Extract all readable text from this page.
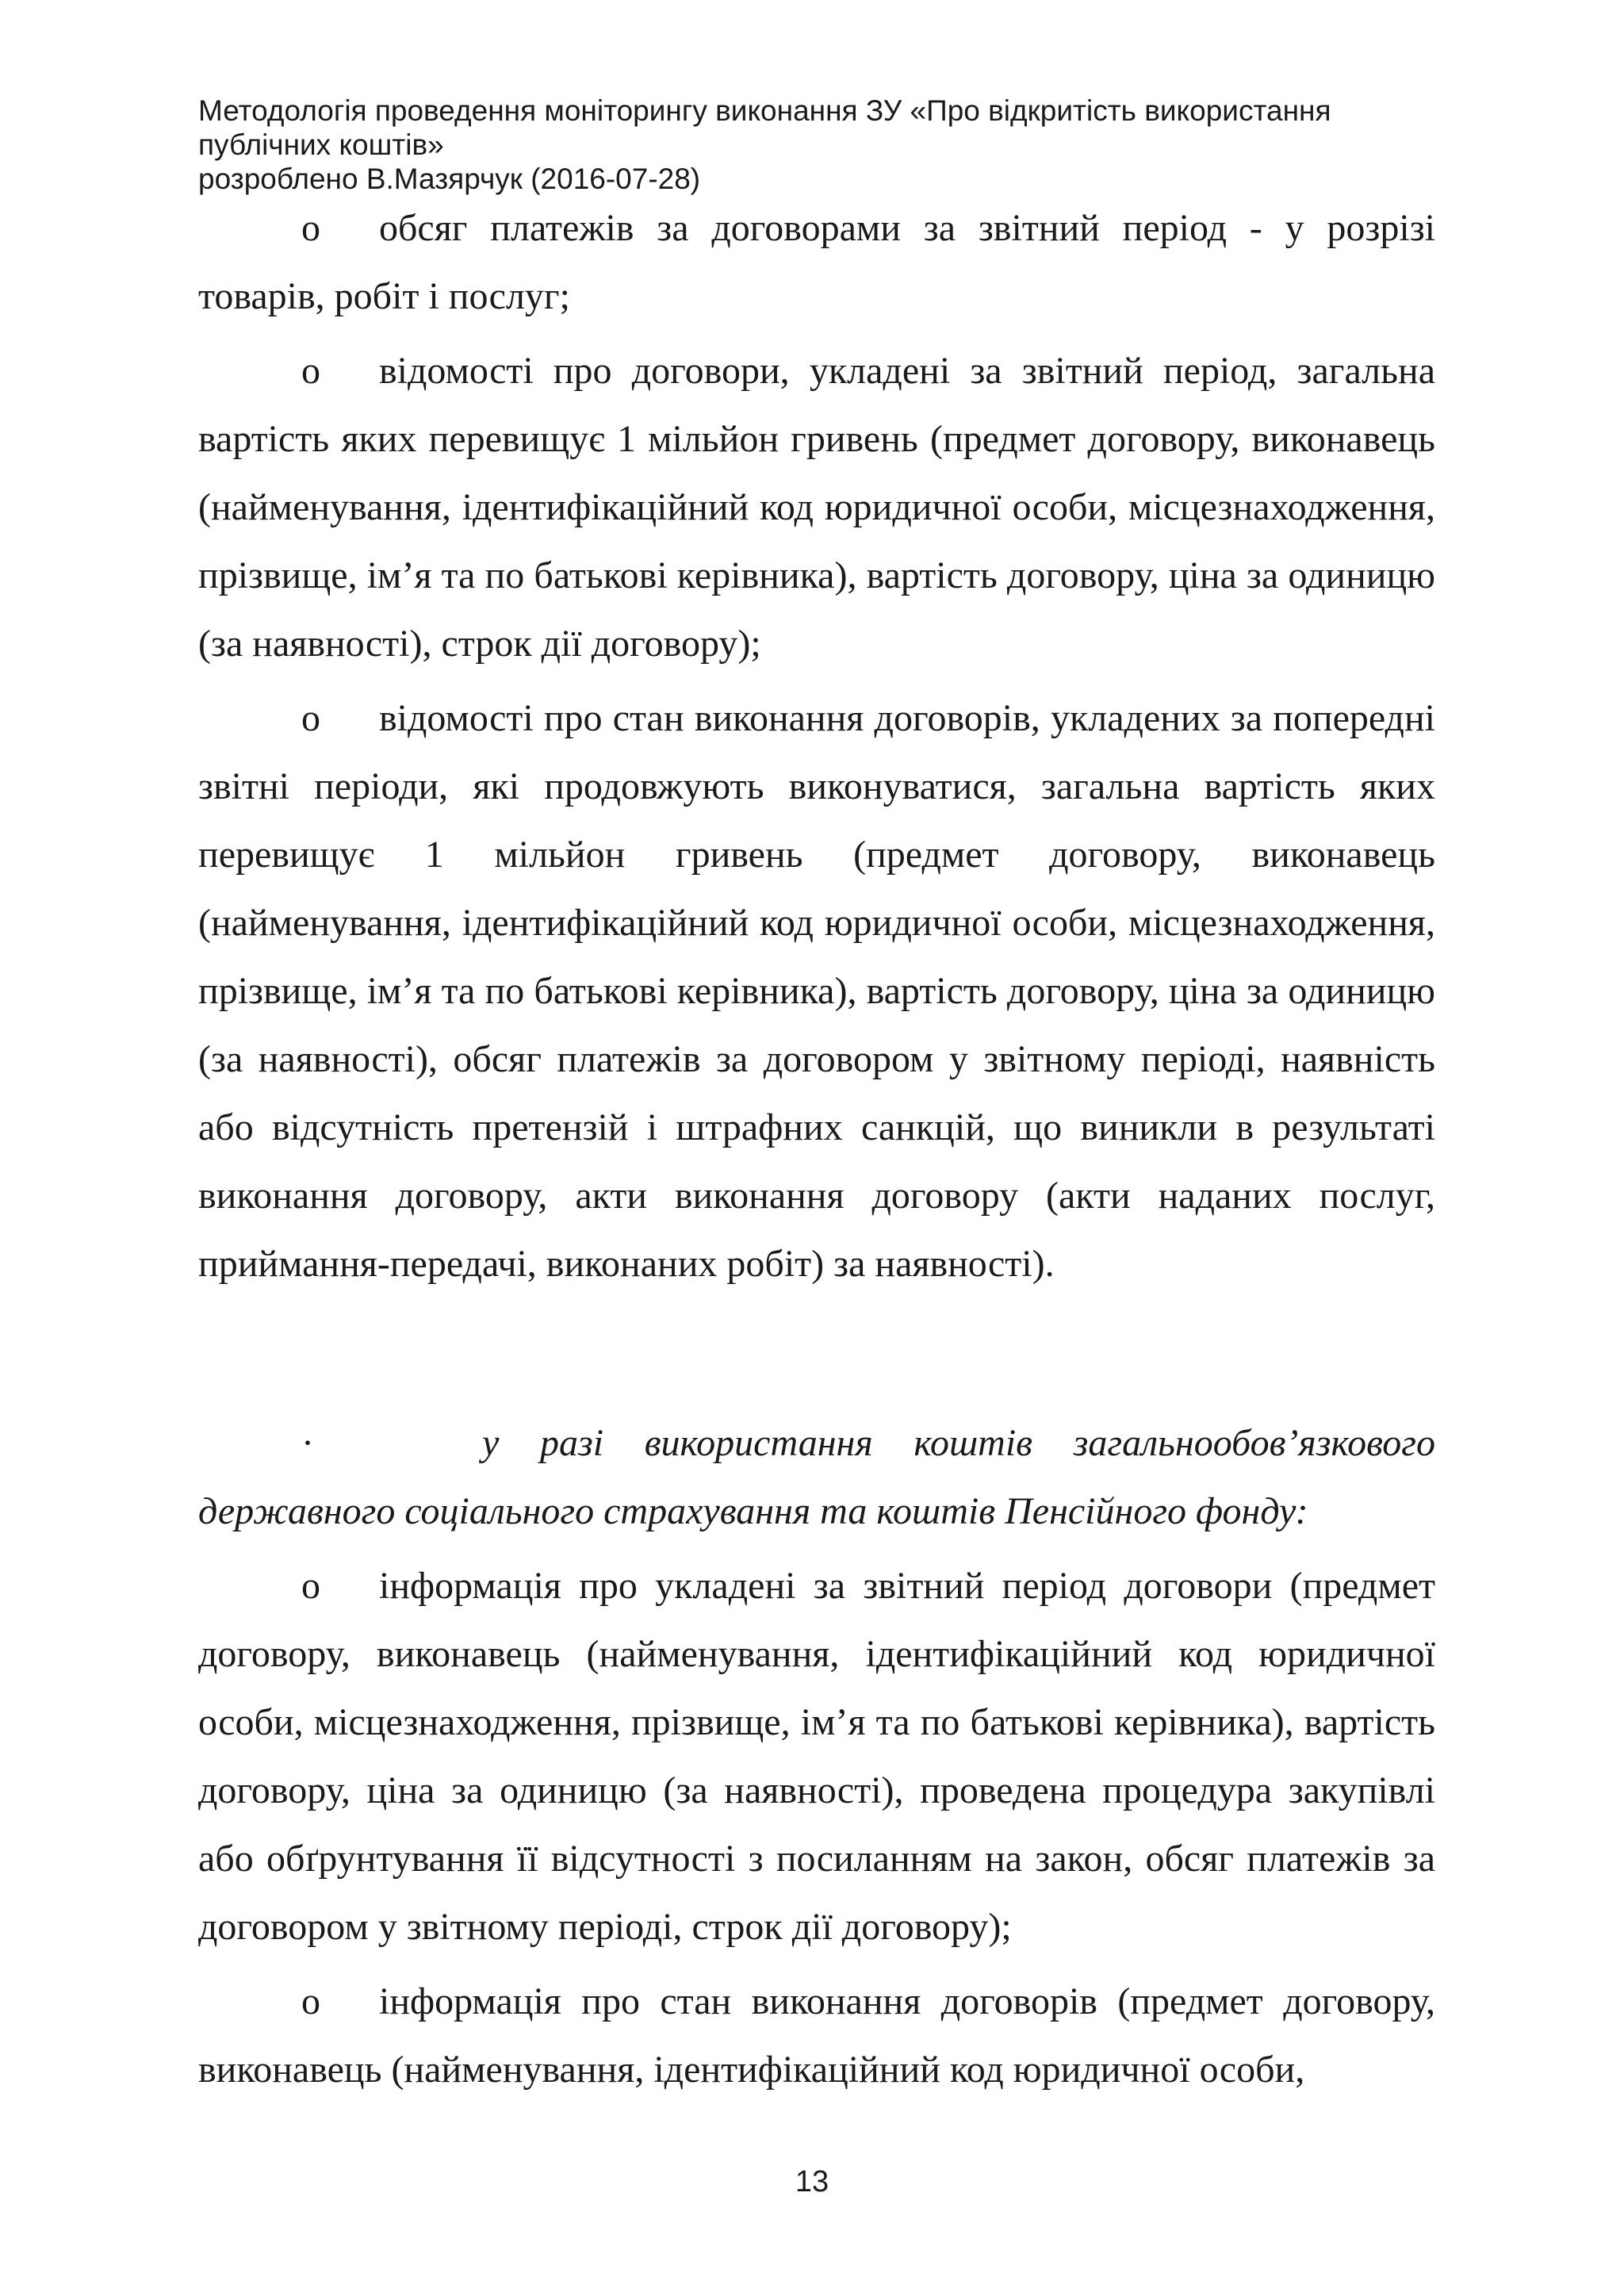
Методологія проведення моніторингу виконання ЗУ «Про відкритість використання
публічних коштів»
розроблено В.Мазярчук (2016-07-28)

o обсяг платежів за договорами за звітний період - у розрізі товарів, робіт і послуг;

o відомості про договори, укладені за звітний період, загальна вартість яких перевищує 1 мільйон гривень (предмет договору, виконавець (найменування, ідентифікаційний код юридичної особи, місцезнаходження, прізвище, ім’я та по батькові керівника), вартість договору, ціна за одиницю (за наявності), строк дії договору);

o відомості про стан виконання договорів, укладених за попередні звітні періоди, які продовжують виконуватися, загальна вартість яких перевищує 1 мільйон гривень (предмет договору, виконавець (найменування, ідентифікаційний код юридичної особи, місцезнаходження, прізвище, ім’я та по батькові керівника), вартість договору, ціна за одиницю (за наявності), обсяг платежів за договором у звітному періоді, наявність або відсутність претензій і штрафних санкцій, що виникли в результаті виконання договору, акти виконання договору (акти наданих послуг, приймання-передачі, виконаних робіт) за наявності).

·	у разі використання коштів загальнообов’язкового державного соціального страхування та коштів Пенсійного фонду:

o інформація про укладені за звітний період договори (предмет договору, виконавець (найменування, ідентифікаційний код юридичної особи, місцезнаходження, прізвище, ім’я та по батькові керівника), вартість договору, ціна за одиницю (за наявності), проведена процедура закупівлі або обґрунтування її відсутності з посиланням на закон, обсяг платежів за договором у звітному періоді, строк дії договору);

o інформація про стан виконання договорів (предмет договору, виконавець (найменування, ідентифікаційний код юридичної особи,

13
